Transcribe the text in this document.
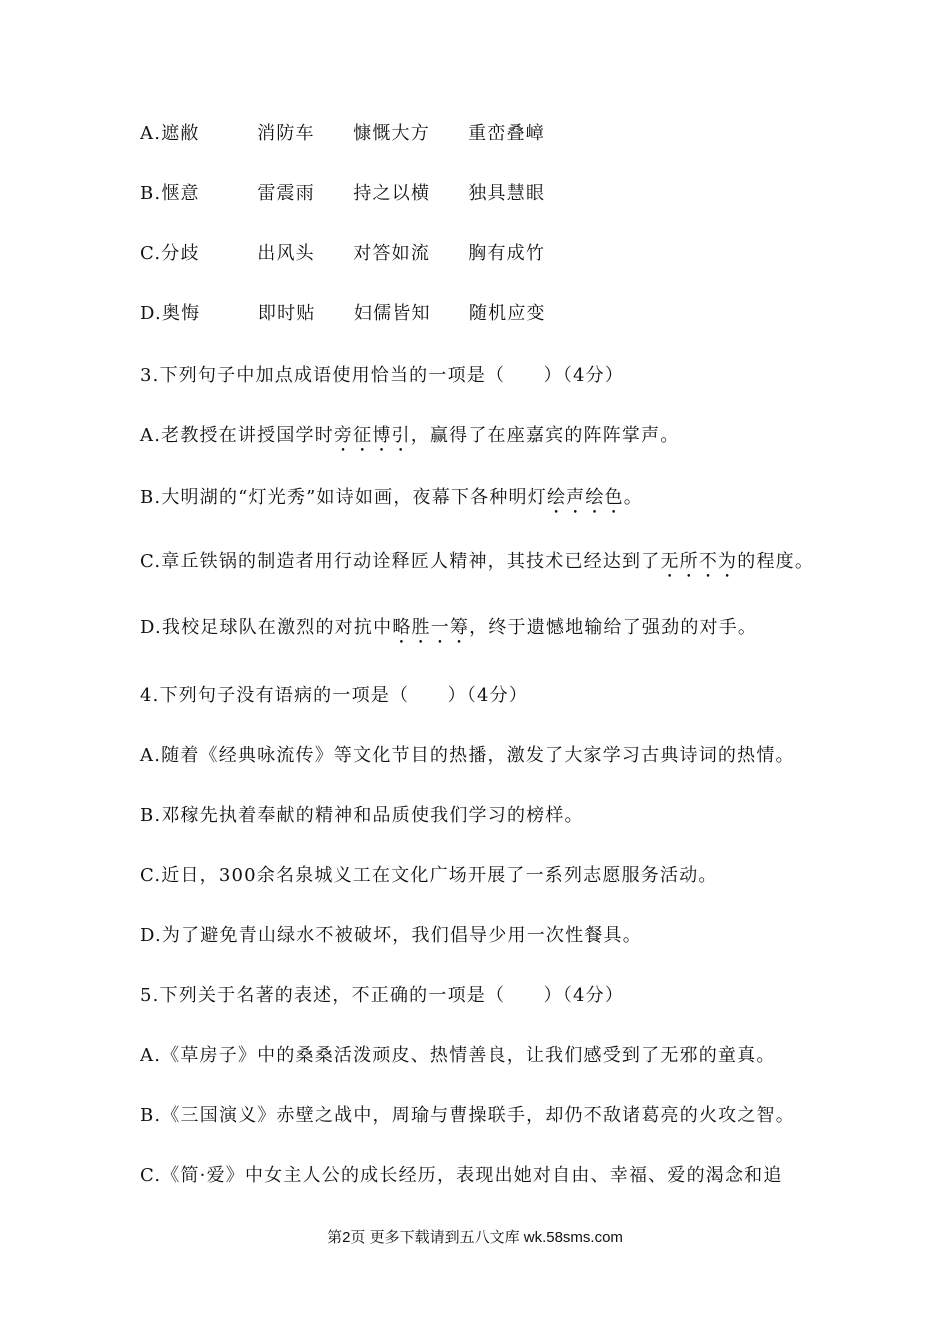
A.遮敝	消防车 慷慨大方 重峦叠嶂
B.惬意	雷震雨 持之以横 独具慧眼
C.分歧	出风头 对答如流 胸有成竹
D.奥悔	即时贴 妇儒皆知 随机应变
3.下列句子中加点成语使用恰当的一项是（　　）（4分）
A.老教授在讲授国学时旁征博引，赢得了在座嘉宾的阵阵掌声。
B.大明湖的“灯光秀”如诗如画，夜幕下各种明灯绘声绘色。
C.章丘铁锅的制造者用行动诠释匠人精神，其技术已经达到了无所不为的程度。
D.我校足球队在激烈的对抗中略胜一筹，终于遗憾地输给了强劲的对手。
4.下列句子没有语病的一项是（　　）（4分）
A.随着《经典咏流传》等文化节目的热播，激发了大家学习古典诗词的热情。
B.邓稼先执着奉献的精神和品质使我们学习的榜样。
C.近日，300余名泉城义工在文化广场开展了一系列志愿服务活动。
D.为了避免青山绿水不被破坏，我们倡导少用一次性餐具。
5.下列关于名著的表述，不正确的一项是（　　）（4分）
A.《草房子》中的桑桑活泼顽皮、热情善良，让我们感受到了无邪的童真。
B.《三国演义》赤壁之战中，周瑜与曹操联手，却仍不敌诸葛亮的火攻之智。
C.《简·爱》中女主人公的成长经历，表现出她对自由、幸福、爱的渴念和追
第2页 更多下载请到五八文库 wk.58sms.com
